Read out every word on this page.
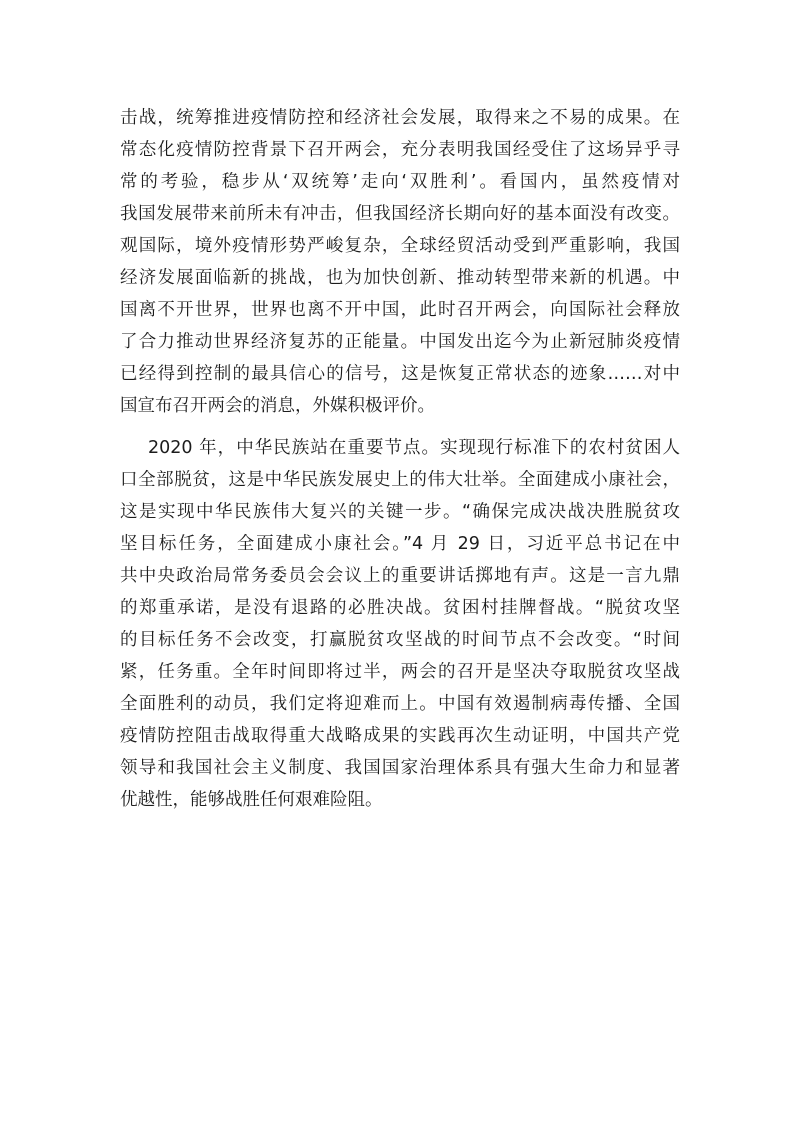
击战，统筹推进疫情防控和经济社会发展，取得来之不易的成果。在
常态化疫情防控背景下召开两会，充分表明我国经受住了这场异乎寻
常的考验，稳步从‘双统筹’走向‘双胜利’。看国内，虽然疫情对
我国发展带来前所未有冲击，但我国经济长期向好的基本面没有改变。
观国际，境外疫情形势严峻复杂，全球经贸活动受到严重影响，我国
经济发展面临新的挑战，也为加快创新、推动转型带来新的机遇。中
国离不开世界，世界也离不开中国，此时召开两会，向国际社会释放
了合力推动世界经济复苏的正能量。中国发出迄今为止新冠肺炎疫情
已经得到控制的最具信心的信号，这是恢复正常状态的迹象……对中
国宣布召开两会的消息，外媒积极评价。
2020 年，中华民族站在重要节点。实现现行标准下的农村贫困人
口全部脱贫，这是中华民族发展史上的伟大壮举。全面建成小康社会，
这是实现中华民族伟大复兴的关键一步。“确保完成决战决胜脱贫攻
坚目标任务，全面建成小康社会。”4 月 29 日，习近平总书记在中
共中央政治局常务委员会会议上的重要讲话掷地有声。这是一言九鼎
的郑重承诺，是没有退路的必胜决战。贫困村挂牌督战。“脱贫攻坚
的目标任务不会改变，打赢脱贫攻坚战的时间节点不会改变。“时间
紧，任务重。全年时间即将过半，两会的召开是坚决夺取脱贫攻坚战
全面胜利的动员，我们定将迎难而上。中国有效遏制病毒传播、全国
疫情防控阻击战取得重大战略成果的实践再次生动证明，中国共产党
领导和我国社会主义制度、我国国家治理体系具有强大生命力和显著
优越性，能够战胜任何艰难险阻。
